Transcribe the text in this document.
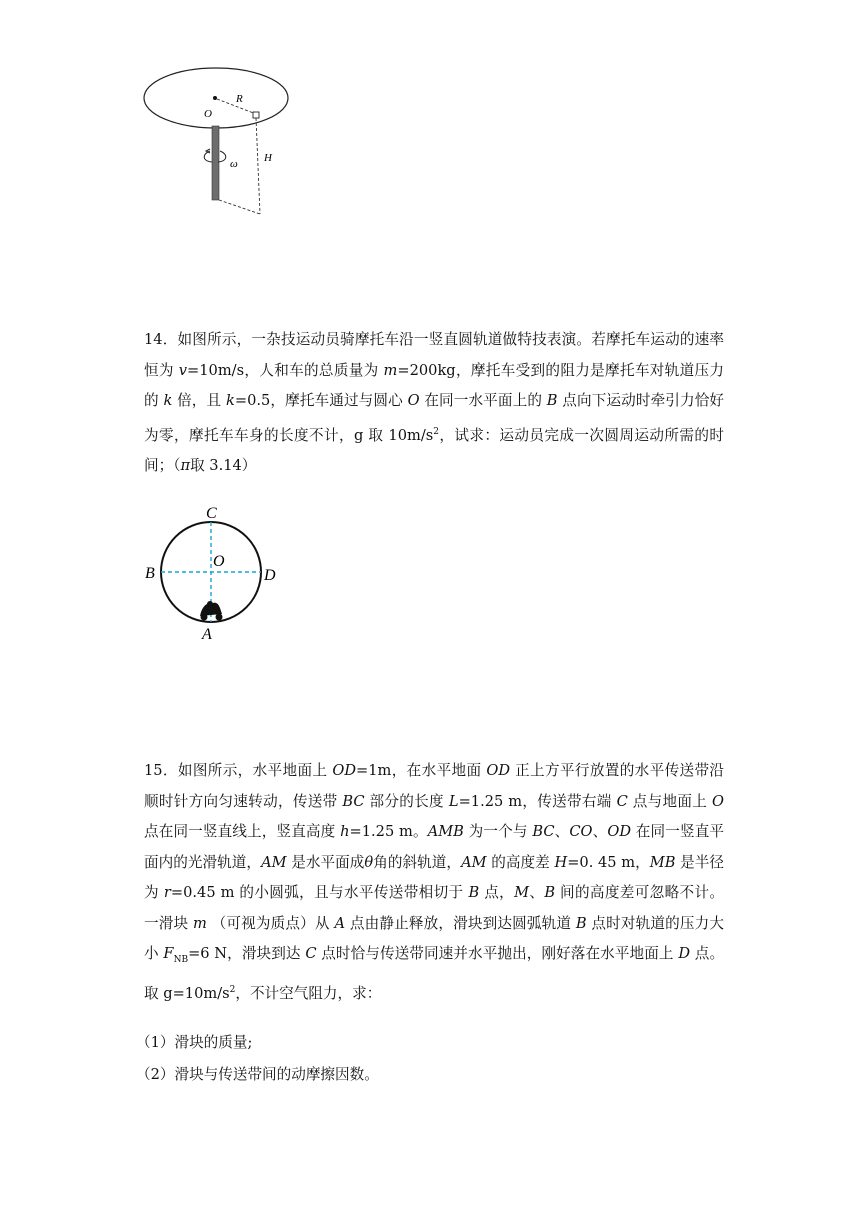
O
R
H
ω

14．如图所示，一杂技运动员骑摩托车沿一竖直圆轨道做特技表演。若摩托车运动的速率恒为 v=10m/s，人和车的总质量为 m=200kg，摩托车受到的阻力是摩托车对轨道压力的 k 倍，且 k=0.5，摩托车通过与圆心 O 在同一水平面上的 B 点向下运动时牵引力恰好为零，摩托车车身的长度不计，g 取 $10m/s^2$，试求：运动员完成一次圆周运动所需的时间；（π取 3.14）

C
O
B	D
A

15．如图所示，水平地面上 OD=1m，在水平地面 OD 正上方平行放置的水平传送带沿顺时针方向匀速转动，传送带 BC 部分的长度 L=1.25 m，传送带右端 C 点与地面上 O 点在同一竖直线上，竖直高度 h=1.25 m。AMB 为一个与 BC、CO、OD 在同一竖直平面内的光滑轨道，AM 是水平面成θ角的斜轨道，AM 的高度差 H=0. 45 m，MB 是半径为 r=0.45 m 的小圆弧，且与水平传送带相切于 B 点，M、B 间的高度差可忽略不计。一滑块 m （可视为质点）从 A 点由静止释放，滑块到达圆弧轨道 B 点时对轨道的压力大小 $F_{NB}=6$ N，滑块到达 C 点时恰与传送带同速并水平抛出，刚好落在水平地面上 D 点。取 $g=10m/s^2$，不计空气阻力，求：

（1）滑块的质量;
（2）滑块与传送带间的动摩擦因数。
